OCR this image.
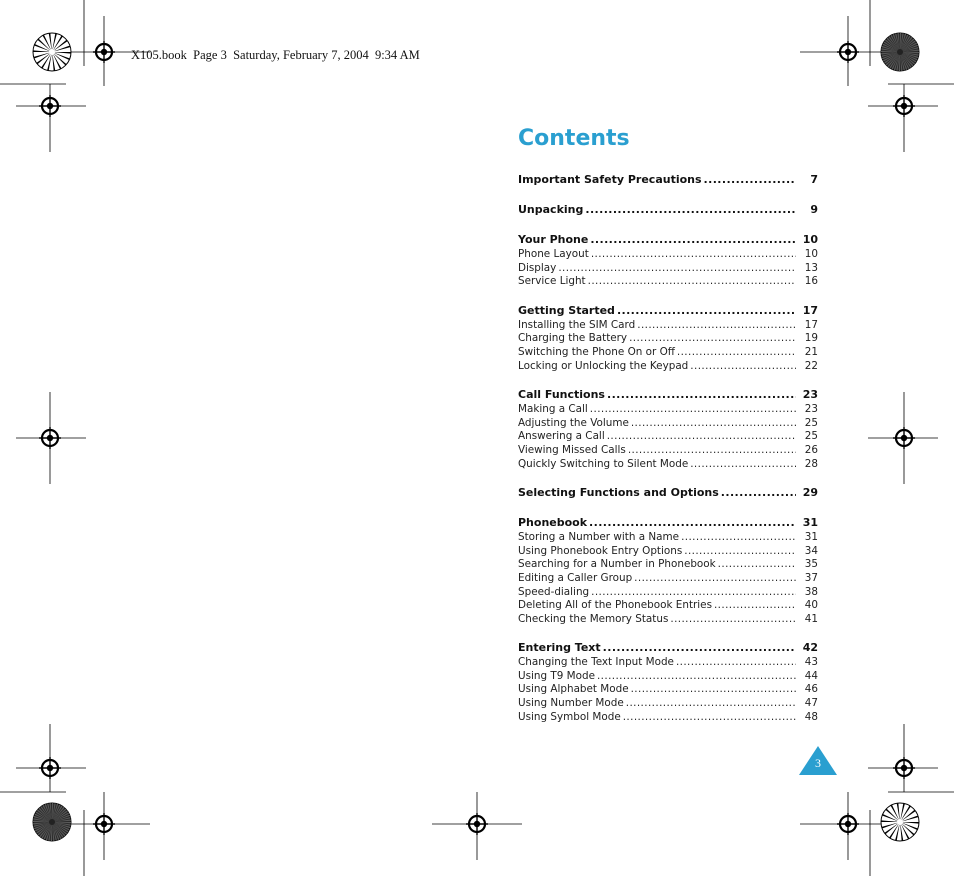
X105.book  Page 3  Saturday, February 7, 2004  9:34 AM
Contents
Important Safety Precautions .....	7
Unpacking .....	9
Your Phone .....	10
Phone Layout .....	10
Display .....	13
Service Light .....	16
Getting Started .....	17
Installing the SIM Card .....	17
Charging the Battery .....	19
Switching the Phone On or Off .....	21
Locking or Unlocking the Keypad .....	22
Call Functions .....	23
Making a Call .....	23
Adjusting the Volume .....	25
Answering a Call .....	25
Viewing Missed Calls .....	26
Quickly Switching to Silent Mode .....	28
Selecting Functions and Options .....	29
Phonebook .....	31
Storing a Number with a Name .....	31
Using Phonebook Entry Options .....	34
Searching for a Number in Phonebook .....	35
Editing a Caller Group .....	37
Speed-dialing .....	38
Deleting All of the Phonebook Entries .....	40
Checking the Memory Status .....	41
Entering Text .....	42
Changing the Text Input Mode .....	43
Using T9 Mode .....	44
Using Alphabet Mode .....	46
Using Number Mode .....	47
Using Symbol Mode .....	48
3
